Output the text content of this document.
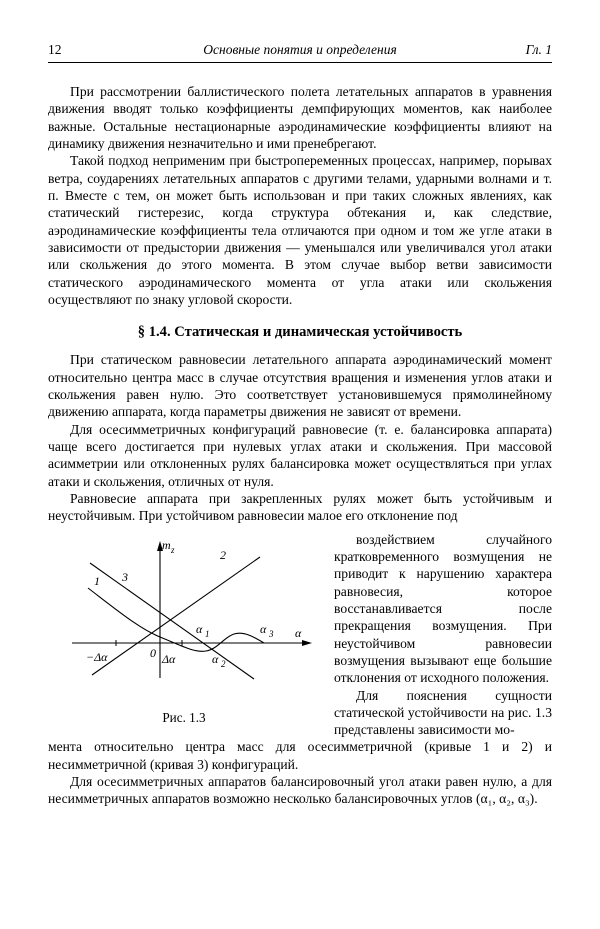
12	Основные понятия и определения	Гл. 1

При рассмотрении баллистического полета летательных аппаратов в уравнения движения вводят только коэффициенты демпфирующих моментов, как наиболее важные. Остальные нестационарные аэродинамические коэффициенты влияют на динамику движения незначительно и ими пренебрегают.

Такой подход неприменим при быстропеременных процессах, например, порывах ветра, соударениях летательных аппаратов с другими телами, ударными волнами и т. п. Вместе с тем, он может быть использован и при таких сложных явлениях, как статический гистерезис, когда структура обтекания и, как следствие, аэродинамические коэффициенты тела отличаются при одном и том же угле атаки в зависимости от предыстории движения — уменьшался или увеличивался угол атаки или скольжения до этого момента. В этом случае выбор ветви зависимости статического аэродинамического момента от угла атаки или скольжения осуществляют по знаку угловой скорости.

§ 1.4. Статическая и динамическая устойчивость

При статическом равновесии летательного аппарата аэродинамический момент относительно центра масс в случае отсутствия вращения и изменения углов атаки и скольжения равен нулю. Это соответствует установившемуся прямолинейному движению аппарата, когда параметры движения не зависят от времени.

Для осесимметричных конфигураций равновесие (т. е. балансировка аппарата) чаще всего достигается при нулевых углах атаки и скольжения. При массовой асимметрии или отклоненных рулях балансировка может осуществляться при углах атаки и скольжения, отличных от нуля.

Равновесие аппарата при закрепленных рулях может быть устойчивым и неустойчивым. При устойчивом равновесии малое его отклонение под

m z
α
0
1
2
3
−Δα	Δα
α 1
α 2
α 3
Рис. 1.3

воздействием случайного кратковременного возмущения не приводит к нарушению характера равновесия, которое восстанавливается после прекращения возмущения. При неустойчивом равновесии возмущения вызывают еще большие отклонения от исходного положения.

Для пояснения сущности статической устойчивости на рис. 1.3 представлены зависимости мо-

мента относительно центра масс для осесимметричной (кривые 1 и 2) и несимметричной (кривая 3) конфигураций.

Для осесимметричных аппаратов балансировочный угол атаки равен нулю, а для несимметричных аппаратов возможно несколько балансировочных углов (α₁, α₂, α₃).
